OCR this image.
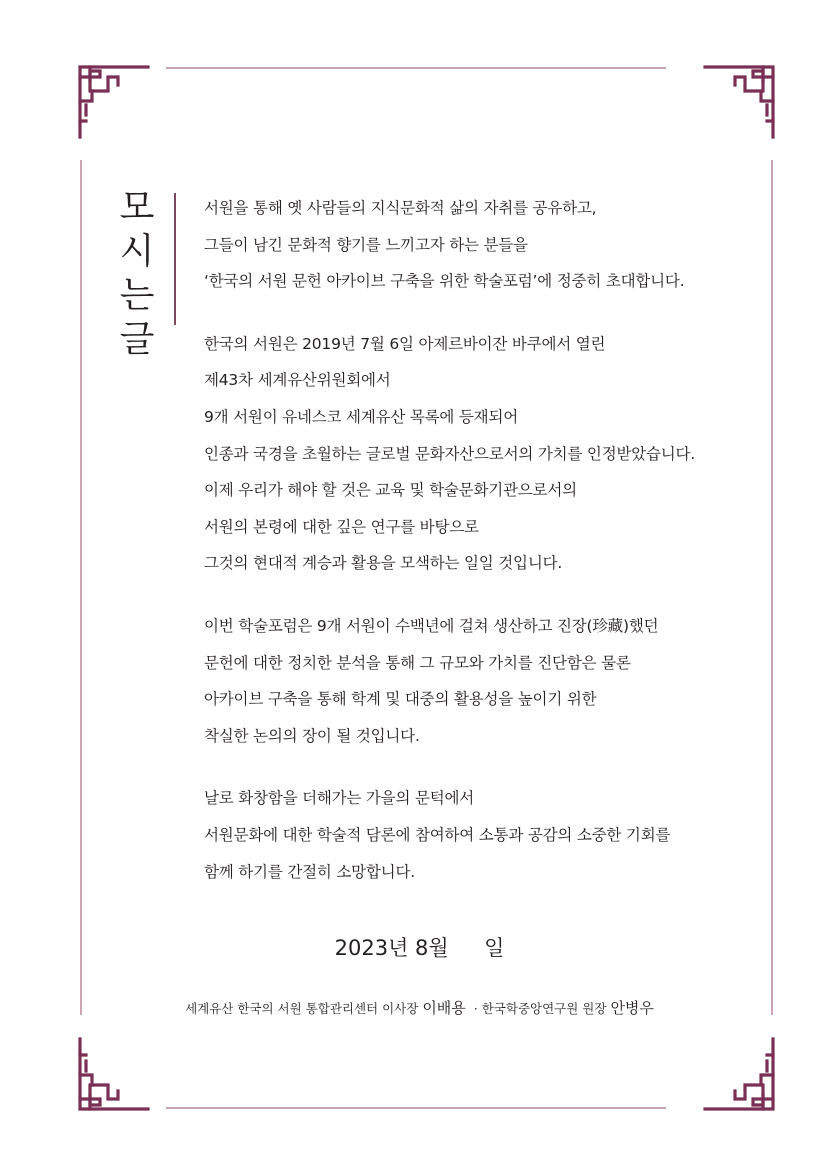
모
시
는
글

서원을 통해 옛 사람들의 지식문화적 삶의 자취를 공유하고,

그들이 남긴 문화적 향기를 느끼고자 하는 분들을

‘한국의 서원 문헌 아카이브 구축을 위한 학술포럼’에 정중히 초대합니다.

한국의 서원은 2019년 7월 6일 아제르바이잔 바쿠에서 열린

제43차 세계유산위원회에서

9개 서원이 유네스코 세계유산 목록에 등재되어

인종과 국경을 초월하는 글로벌 문화자산으로서의 가치를 인정받았습니다.

이제 우리가 해야 할 것은 교육 및 학술문화기관으로서의

서원의 본령에 대한 깊은 연구를 바탕으로

그것의 현대적 계승과 활용을 모색하는 일일 것입니다.

이번 학술포럼은 9개 서원이 수백년에 걸쳐 생산하고 진장(珍藏)했던

문헌에 대한 정치한 분석을 통해 그 규모와 가치를 진단함은 물론

아카이브 구축을 통해 학계 및 대중의 활용성을 높이기 위한

착실한 논의의 장이 될 것입니다.

날로 화창함을 더해가는 가을의 문턱에서

서원문화에 대한 학술적 담론에 참여하여 소통과 공감의 소중한 기회를

함께 하기를 간절히 소망합니다.

2023년 8월 일
세계유산 한국의 서원 통합관리센터 이사장 이배용 · 한국학중앙연구원 원장 안병우
